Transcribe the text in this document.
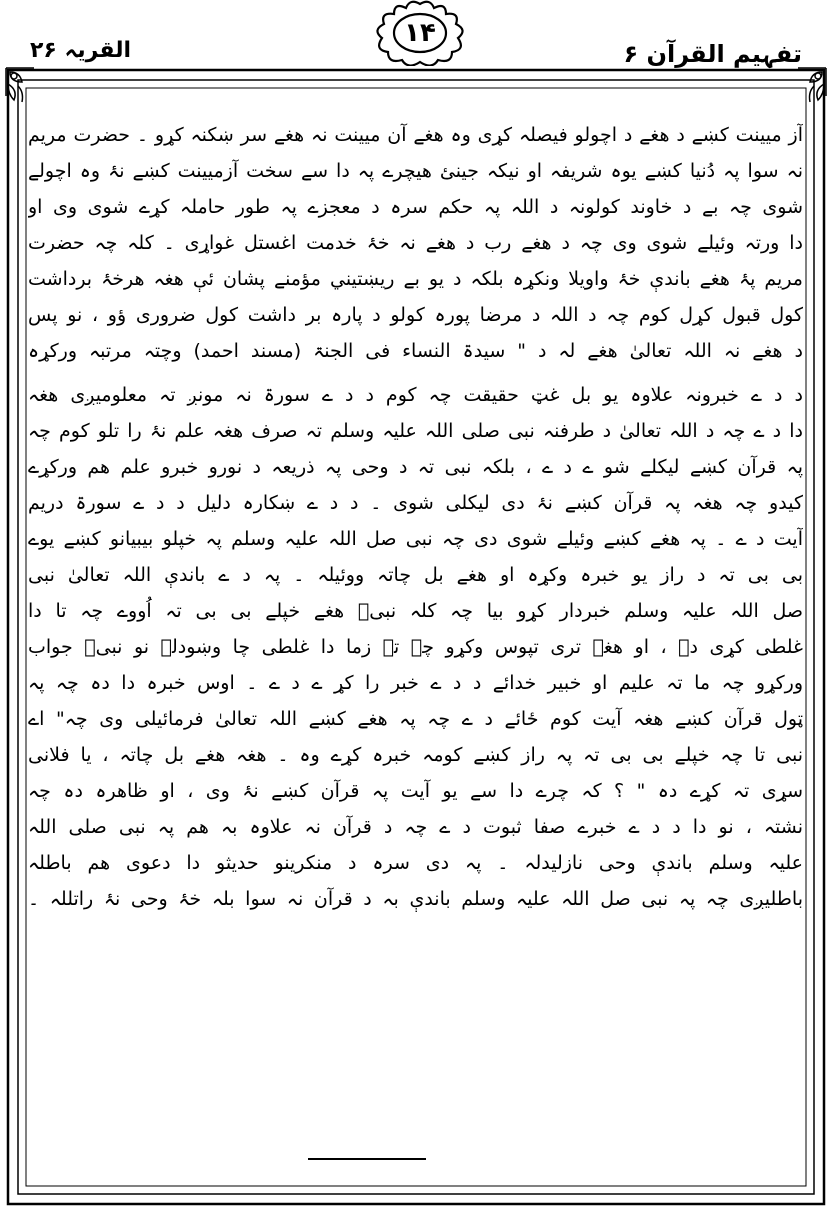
القریہ ۲۶
۱۴
تفہیم القرآن ۶
آز میینت کښے د ھغے د اچولو فیصلہ کړی وہ ھغے آن میینت نہ ھغے سر ښکنہ کړو ۔ حضرت مریم
نہ سوا پہ دُنیا کښے یوہ شریفہ او نیکہ جینئ ھیچرے پہ دا سے سخت آزمیینت کښے نۂ وہ اچولے
شوی چہ بے د خاوند کولونہ د اللہ پہ حکم سرہ د معجزے پہ طور حاملہ کړے شوی وی او
دا ورتہ وئیلے شوی وی چہ د ھغے رب د ھغے نہ خۂ خدمت اغستل غواړی ۔ کلہ چہ حضرت
مریم پۂ ھغے باندې خۂ واویلا ونکړہ بلکہ د یو بے ریښتیني مؤمنے پشان ئې ھغہ ھرخۂ برداشت
کول قبول کړل کوم چہ د اللہ د مرضا پورہ کولو د پارہ بر داشت کول ضروری ؤو ، نو پس
د ھغے نہ اللہ تعالیٰ ھغے لہ د " سیدۃ النساء فی الجنۃ (مسند احمد) وچتہ مرتبہ ورکړہ
د د ے خبرونہ علاوہ یو بل غټ حقیقت چہ کوم د د ے سورۃ نہ مونږ تہ معلومیږی ھغہ
دا د ے چہ د اللہ تعالیٰ د طرفنہ نبی صلی اللہ علیہ وسلم تہ صرف ھغہ علم نۂ را تلو کوم چہ
پہ قرآن کښے لیکلے شو ے د ے ، بلکہ نبی تہ د وحی پہ ذریعہ د نورو خبرو علم ھم ورکړے
کیدو چہ ھغہ پہ قرآن کښے نۂ دی لیکلی شوی ۔ د د ے ښکارہ دلیل د د ے سورۃ دریم
آیت د ے ۔ پہ ھغے کښے وئیلے شوی دی چہ نبی صل اللہ علیہ وسلم پہ خپلو بیبیانو کښے یوے
بی بی تہ د راز یو خبرہ وکړہ او ھغے بل چاتہ ووئیلہ ۔ پہ د ے باندې اللہ تعالیٰ نبی
صل اللہ علیہ وسلم خبردار کړو بیا چہ کلہ نبیؐ ھغے خپلے بی بی تہ اُووے چہ تا دا
غلطی کړی دہ ، او ھغے تری تپوس وکړو چہ تہ زما دا غلطی چا وښودلہ نو نبیؐ جواب
ورکړو چہ ما تہ علیم او خبیر خدائے د د ے خبر را کړ ے د ے ۔ اوس خبرہ دا دہ چہ پہ
ټول قرآن کښے ھغہ آیت کوم ځائے د ے چہ پہ ھغے کښے اللہ تعالیٰ فرمائیلی وی چہ" اے
نبی تا چہ خپلے بی بی تہ پہ راز کښے کومہ خبرہ کړے وہ ۔ ھغہ ھغے بل چاتہ ، یا فلانی
سړی تہ کړے دہ " ؟ کہ چرے دا سے یو آیت پہ قرآن کښے نۂ وی ، او ظاھرہ دہ چہ
نشتہ ، نو دا د د ے خبرے صفا ثبوت د ے چہ د قرآن نہ علاوہ بہ ھم پہ نبی صلی اللہ
علیہ وسلم باندې وحی نازلیدلہ ۔ پہ دی سرہ د منکرینو حدیثو دا دعوی ھم باطلہ
باطلیږی چہ پہ نبی صل اللہ علیہ وسلم باندې بہ د قرآن نہ سوا بلہ خۂ وحی نۂ راتللہ ۔
